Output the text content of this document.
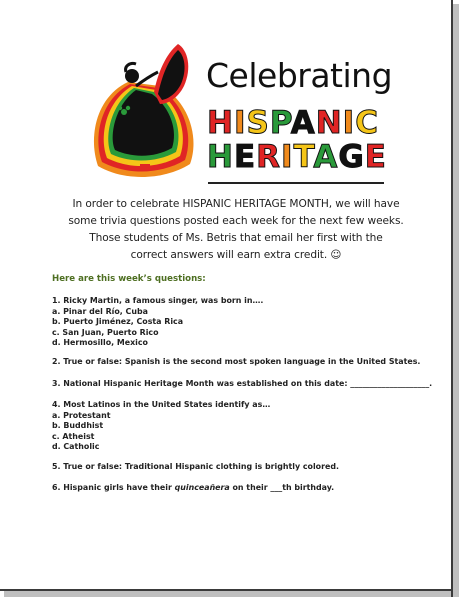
Celebrating
HISPANIC
HERITAGE

In order to celebrate HISPANIC HERITAGE MONTH, we will have

some trivia questions posted each week for the next few weeks.

Those students of Ms. Betris that email her first with the

correct answers will earn extra credit. ☺

Here are this week’s questions:

1. Ricky Martin, a famous singer, was born in….

a. Pinar del Río, Cuba

b. Puerto Jiménez, Costa Rica

c. San Juan, Puerto Rico

d. Hermosillo, Mexico

2. True or false: Spanish is the second most spoken language in the United States.

3. National Hispanic Heritage Month was established on this date: ____________________.

4. Most Latinos in the United States identify as…

a. Protestant

b. Buddhist

c. Atheist

d. Catholic

5. True or false: Traditional Hispanic clothing is brightly colored.

6. Hispanic girls have their quinceañera on their ___th birthday.
